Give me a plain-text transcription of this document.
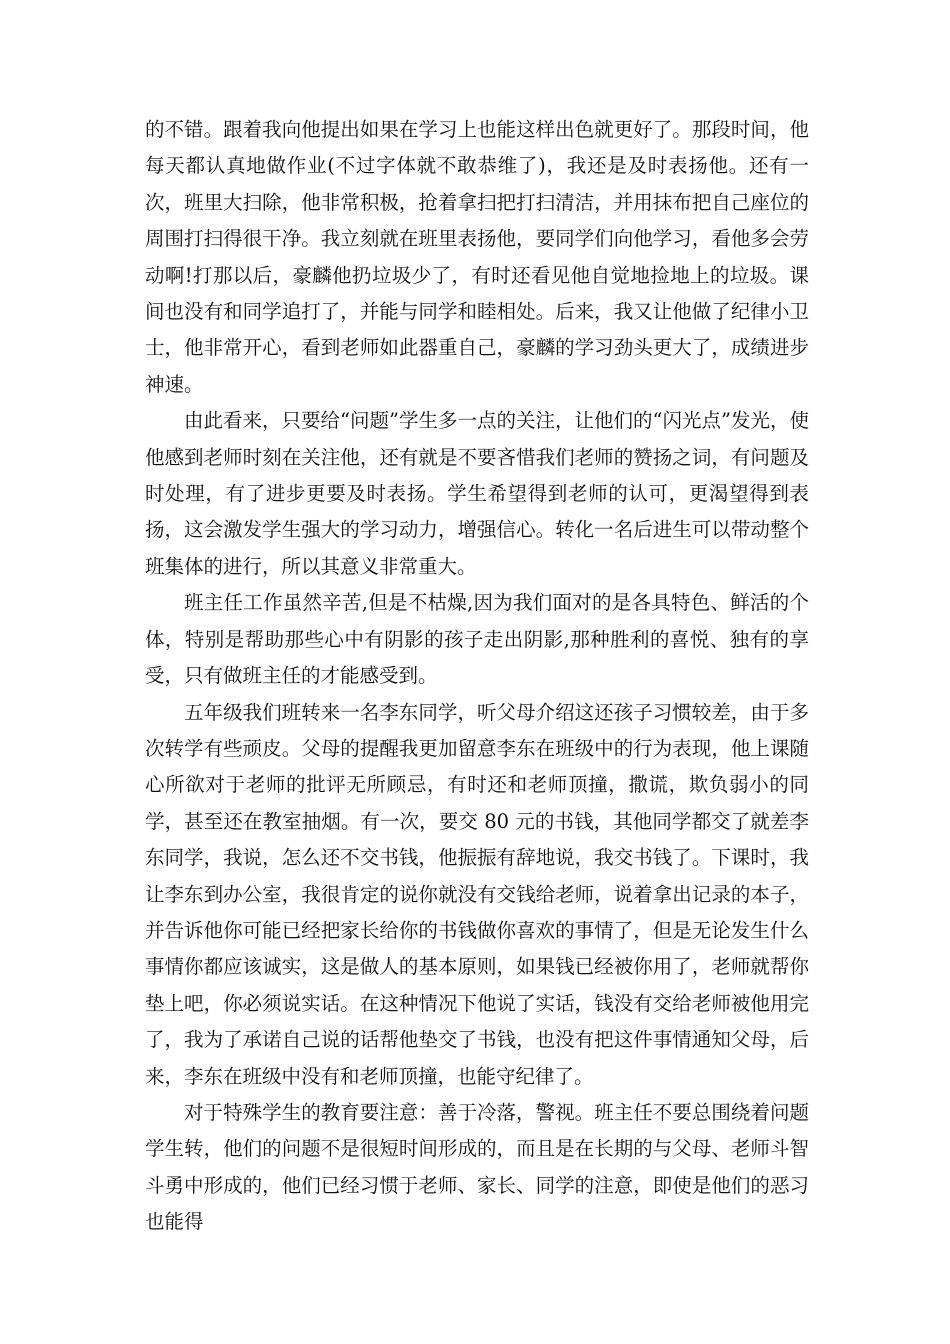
的不错。跟着我向他提出如果在学习上也能这样出色就更好了。那段时间，他每天都认真地做作业(不过字体就不敢恭维了)，我还是及时表扬他。还有一次，班里大扫除，他非常积极，抢着拿扫把打扫清洁，并用抹布把自己座位的周围打扫得很干净。我立刻就在班里表扬他，要同学们向他学习，看他多会劳动啊!打那以后，豪麟他扔垃圾少了，有时还看见他自觉地捡地上的垃圾。课间也没有和同学追打了，并能与同学和睦相处。后来，我又让他做了纪律小卫士，他非常开心，看到老师如此器重自己，豪麟的学习劲头更大了，成绩进步神速。

由此看来，只要给“问题”学生多一点的关注，让他们的“闪光点”发光，使他感到老师时刻在关注他，还有就是不要吝惜我们老师的赞扬之词，有问题及时处理，有了进步更要及时表扬。学生希望得到老师的认可，更渴望得到表扬，这会激发学生强大的学习动力，增强信心。转化一名后进生可以带动整个班集体的进行，所以其意义非常重大。

班主任工作虽然辛苦,但是不枯燥,因为我们面对的是各具特色、鲜活的个体，特别是帮助那些心中有阴影的孩子走出阴影,那种胜利的喜悦、独有的享受，只有做班主任的才能感受到。

五年级我们班转来一名李东同学，听父母介绍这还孩子习惯较差，由于多次转学有些顽皮。父母的提醒我更加留意李东在班级中的行为表现，他上课随心所欲对于老师的批评无所顾忌，有时还和老师顶撞，撒谎，欺负弱小的同学，甚至还在教室抽烟。有一次，要交 80 元的书钱，其他同学都交了就差李东同学，我说，怎么还不交书钱，他振振有辞地说，我交书钱了。下课时，我让李东到办公室，我很肯定的说你就没有交钱给老师，说着拿出记录的本子，并告诉他你可能已经把家长给你的书钱做你喜欢的事情了，但是无论发生什么事情你都应该诚实，这是做人的基本原则，如果钱已经被你用了，老师就帮你垫上吧，你必须说实话。在这种情况下他说了实话，钱没有交给老师被他用完了，我为了承诺自己说的话帮他垫交了书钱，也没有把这件事情通知父母，后来，李东在班级中没有和老师顶撞，也能守纪律了。

对于特殊学生的教育要注意：善于冷落，警视。班主任不要总围绕着问题学生转，他们的问题不是很短时间形成的，而且是在长期的与父母、老师斗智斗勇中形成的，他们已经习惯于老师、家长、同学的注意，即使是他们的恶习也能得
